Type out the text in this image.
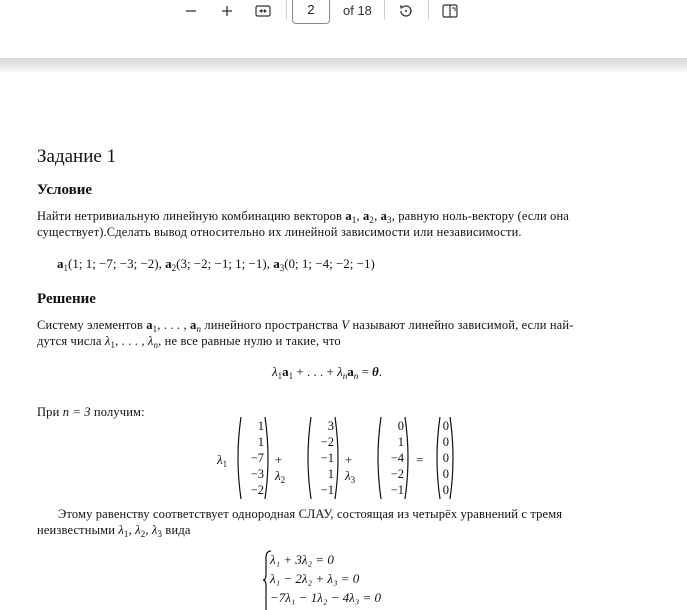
2	of 18
Задание 1
Условие
Найти нетривиальную линейную комбинацию векторов $a_1$, $a_2$, $a_3$, равную ноль-вектору (если она
существует).Сделать вывод относительно их линейной зависимости или независимости.
$a_1(1$; 1; −7; −3; −2), $a_2(3$; −2; −1; 1; −1), $a_3(0$; 1; −4; −2; −1)
Решение
Систему элементов $a_1$, . . . , $a_n$ линейного пространства V называют линейно зависимой, если най-
дутся числа $\lambda_1$, . . . , $\lambda_n$, не все равные нулю и такие, что
$\lambda_1a_1$ + . . . + $\lambda_na_n = \theta$.
При n = 3 получим:
$\lambda_1$
1
1
−7
−3
−2
+ $\lambda_2$
3
−2
−1
1
−1
+ $\lambda_3$
0
1
−4
−2
−1
=
0
0
0
0
0
Этому равенству соответствует однородная СЛАУ, состоящая из четырёх уравнений с тремя
неизвестными $\lambda_1$, $\lambda_2$, $\lambda_3$ вида
λ₁ + 3λ₂ = 0
λ₁ − 2λ₂ + λ₃ = 0
−7λ₁ − 1λ₂ − 4λ₃ = 0
